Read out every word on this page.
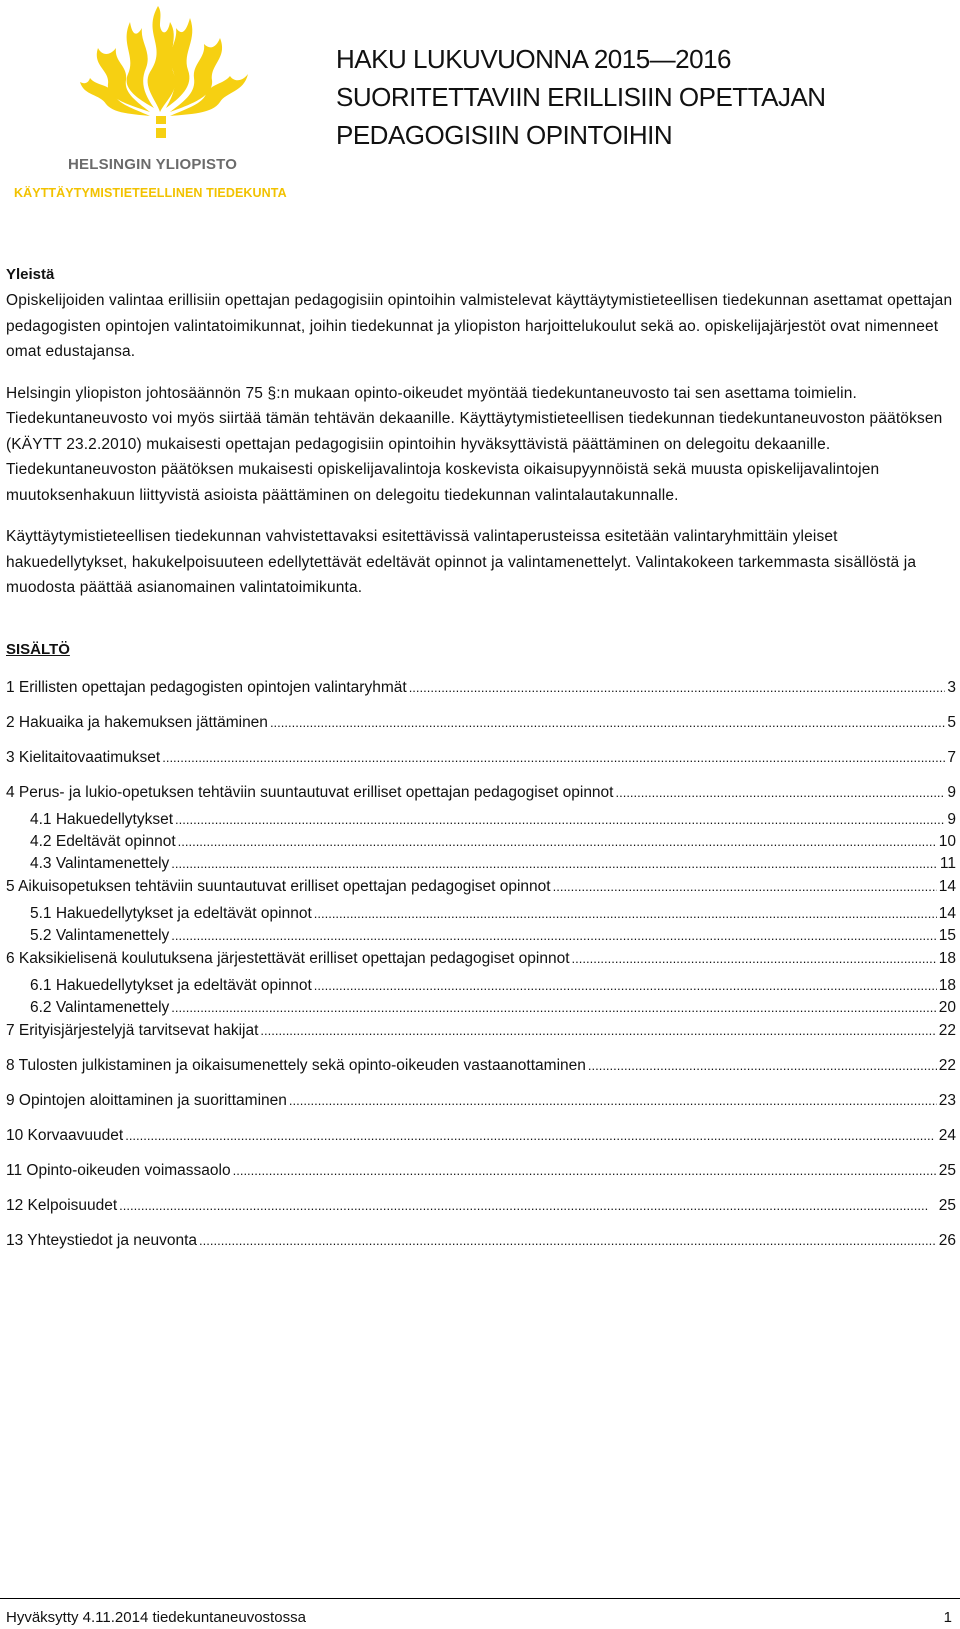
HELSINGIN YLIOPISTO
KÄYTTÄYTYMISTIETEELLINEN TIEDEKUNTA
HAKU LUKUVUONNA 2015—2016
SUORITETTAVIIN ERILLISIIN OPETTAJAN
PEDAGOGISIIN OPINTOIHIN
Yleistä

Opiskelijoiden valintaa erillisiin opettajan pedagogisiin opintoihin valmistelevat käyttäytymistieteellisen tiedekunnan asettamat opettajan pedagogisten opintojen valintatoimikunnat, joihin tiedekunnat ja yliopiston harjoittelukoulut sekä ao. opiskelijajärjestöt ovat nimenneet omat edustajansa.

Helsingin yliopiston johtosäännön 75 §:n mukaan opinto-oikeudet myöntää tiedekuntaneuvosto tai sen asettama toimielin. Tiedekuntaneuvosto voi myös siirtää tämän tehtävän dekaanille. Käyttäytymistieteellisen tiedekunnan tiedekuntaneuvoston päätöksen (KÄYTT 23.2.2010) mukaisesti opettajan pedagogisiin opintoihin hyväksyttävistä päättäminen on delegoitu dekaanille. Tiedekuntaneuvoston päätöksen mukaisesti opiskelijavalintoja koskevista oikaisupyynnöistä sekä muusta opiskelijavalintojen muutoksenhakuun liittyvistä asioista päättäminen on delegoitu tiedekunnan valintalautakunnalle.

Käyttäytymistieteellisen tiedekunnan vahvistettavaksi esitettävissä valintaperusteissa esitetään valintaryhmittäin yleiset hakuedellytykset, hakukelpoisuuteen edellytettävät edeltävät opinnot ja valintamenettelyt. Valintakokeen tarkemmasta sisällöstä ja muodosta päättää asianomainen valintatoimikunta.

SISÄLTÖ
1 Erillisten opettajan pedagogisten opintojen valintaryhmät .....	3
2 Hakuaika ja hakemuksen jättäminen .....	5
3 Kielitaitovaatimukset .....	7
4 Perus- ja lukio-opetuksen tehtäviin suuntautuvat erilliset opettajan pedagogiset opinnot .....	9
4.1 Hakuedellytykset .....	9
4.2 Edeltävät opinnot .....	10
4.3 Valintamenettely .....	11
5 Aikuisopetuksen tehtäviin suuntautuvat erilliset opettajan pedagogiset opinnot .....	14
5.1 Hakuedellytykset ja edeltävät opinnot .....	14
5.2 Valintamenettely .....	15
6 Kaksikielisenä koulutuksena järjestettävät erilliset opettajan pedagogiset opinnot .....	18
6.1 Hakuedellytykset ja edeltävät opinnot .....	18
6.2 Valintamenettely .....	20
7 Erityisjärjestelyjä tarvitsevat hakijat .....	22
8 Tulosten julkistaminen ja oikaisumenettely sekä opinto-oikeuden vastaanottaminen .....	22
9 Opintojen aloittaminen ja suorittaminen .....	23
10 Korvaavuudet .....	24
11 Opinto-oikeuden voimassaolo .....	25
12 Kelpoisuudet .....	25
13 Yhteystiedot ja neuvonta .....	26
Hyväksytty 4.11.2014 tiedekuntaneuvostossa	1
